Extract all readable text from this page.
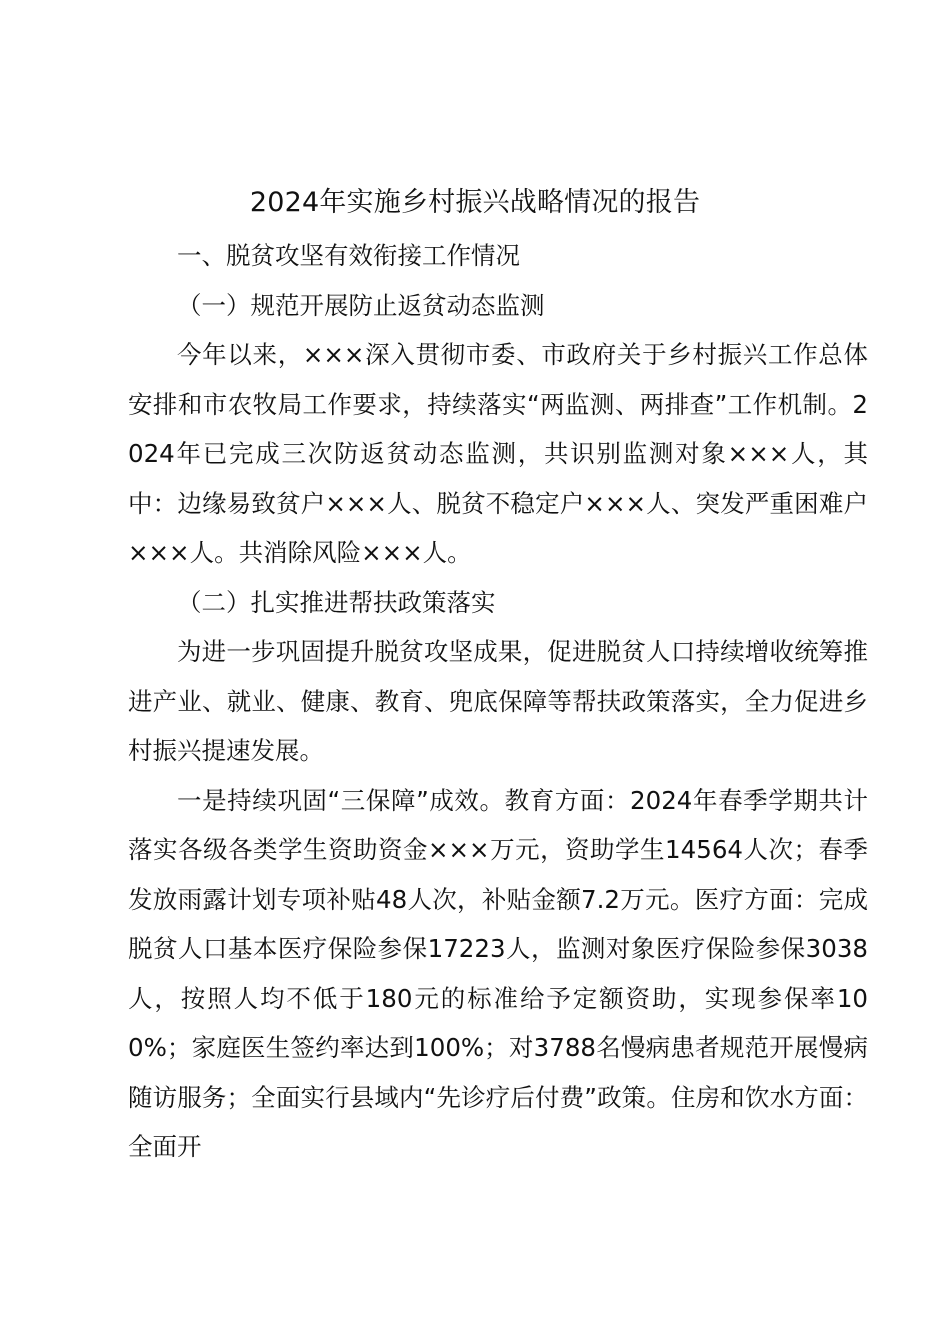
2024年实施乡村振兴战略情况的报告

一、脱贫攻坚有效衔接工作情况

（一）规范开展防止返贫动态监测

今年以来，×××深入贯彻市委、市政府关于乡村振兴工作总体安排和市农牧局工作要求，持续落实“两监测、两排查”工作机制。2024年已完成三次防返贫动态监测，共识别监测对象×××人，其中：边缘易致贫户×××人、脱贫不稳定户×××人、突发严重困难户×××人。共消除风险×××人。

（二）扎实推进帮扶政策落实

为进一步巩固提升脱贫攻坚成果，促进脱贫人口持续增收统筹推进产业、就业、健康、教育、兜底保障等帮扶政策落实，全力促进乡村振兴提速发展。

一是持续巩固“三保障”成效。教育方面：2024年春季学期共计落实各级各类学生资助资金×××万元，资助学生14564人次；春季发放雨露计划专项补贴48人次，补贴金额7.2万元。医疗方面：完成脱贫人口基本医疗保险参保17223人，监测对象医疗保险参保3038人，按照人均不低于180元的标准给予定额资助，实现参保率100%；家庭医生签约率达到100%；对3788名慢病患者规范开展慢病随访服务；全面实行县域内“先诊疗后付费”政策。住房和饮水方面：全面开
